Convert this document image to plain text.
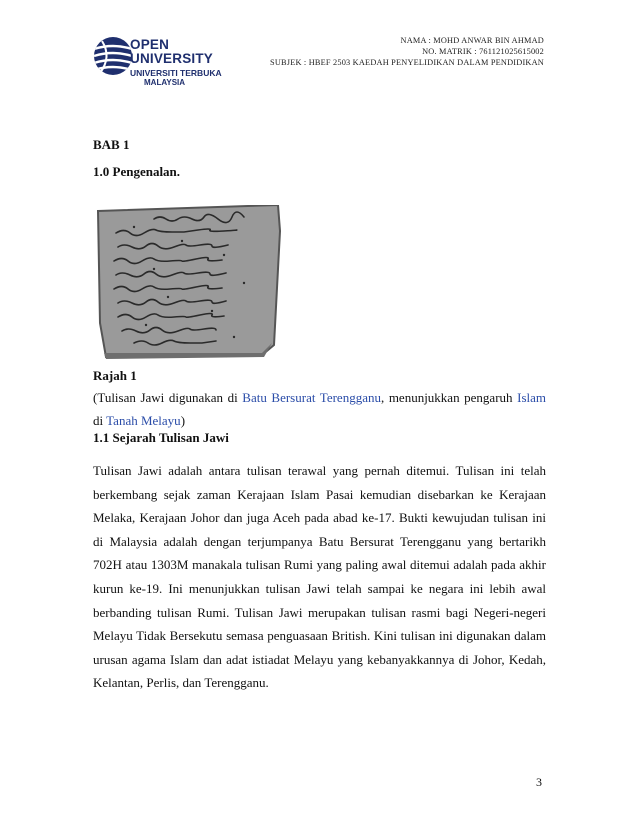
OPEN UNIVERSITY
UNIVERSITI TERBUKA
MALAYSIA
NAMA : MOHD ANWAR BIN AHMAD
NO. MATRIK : 761121025615002
SUBJEK : HBEF 2503 KAEDAH PENYELIDIKAN DALAM PENDIDIKAN
BAB 1
1.0 Pengenalan.
Rajah 1
(Tulisan Jawi digunakan di Batu Bersurat Terengganu, menunjukkan pengaruh Islam di Tanah Melayu)
1.1 Sejarah Tulisan Jawi
Tulisan Jawi adalah antara tulisan terawal yang pernah ditemui. Tulisan ini telah berkembang sejak zaman Kerajaan Islam Pasai kemudian disebarkan ke Kerajaan Melaka, Kerajaan Johor dan juga Aceh pada abad ke-17. Bukti kewujudan tulisan ini di Malaysia adalah dengan terjumpanya Batu Bersurat Terengganu yang bertarikh 702H atau 1303M manakala tulisan Rumi yang paling awal ditemui adalah pada akhir kurun ke-19. Ini menunjukkan tulisan Jawi telah sampai ke negara ini lebih awal berbanding tulisan Rumi. Tulisan Jawi merupakan tulisan rasmi bagi Negeri-negeri Melayu Tidak Bersekutu semasa penguasaan British. Kini tulisan ini digunakan dalam urusan agama Islam dan adat istiadat Melayu yang kebanyakkannya di Johor, Kedah, Kelantan, Perlis, dan Terengganu.
3
